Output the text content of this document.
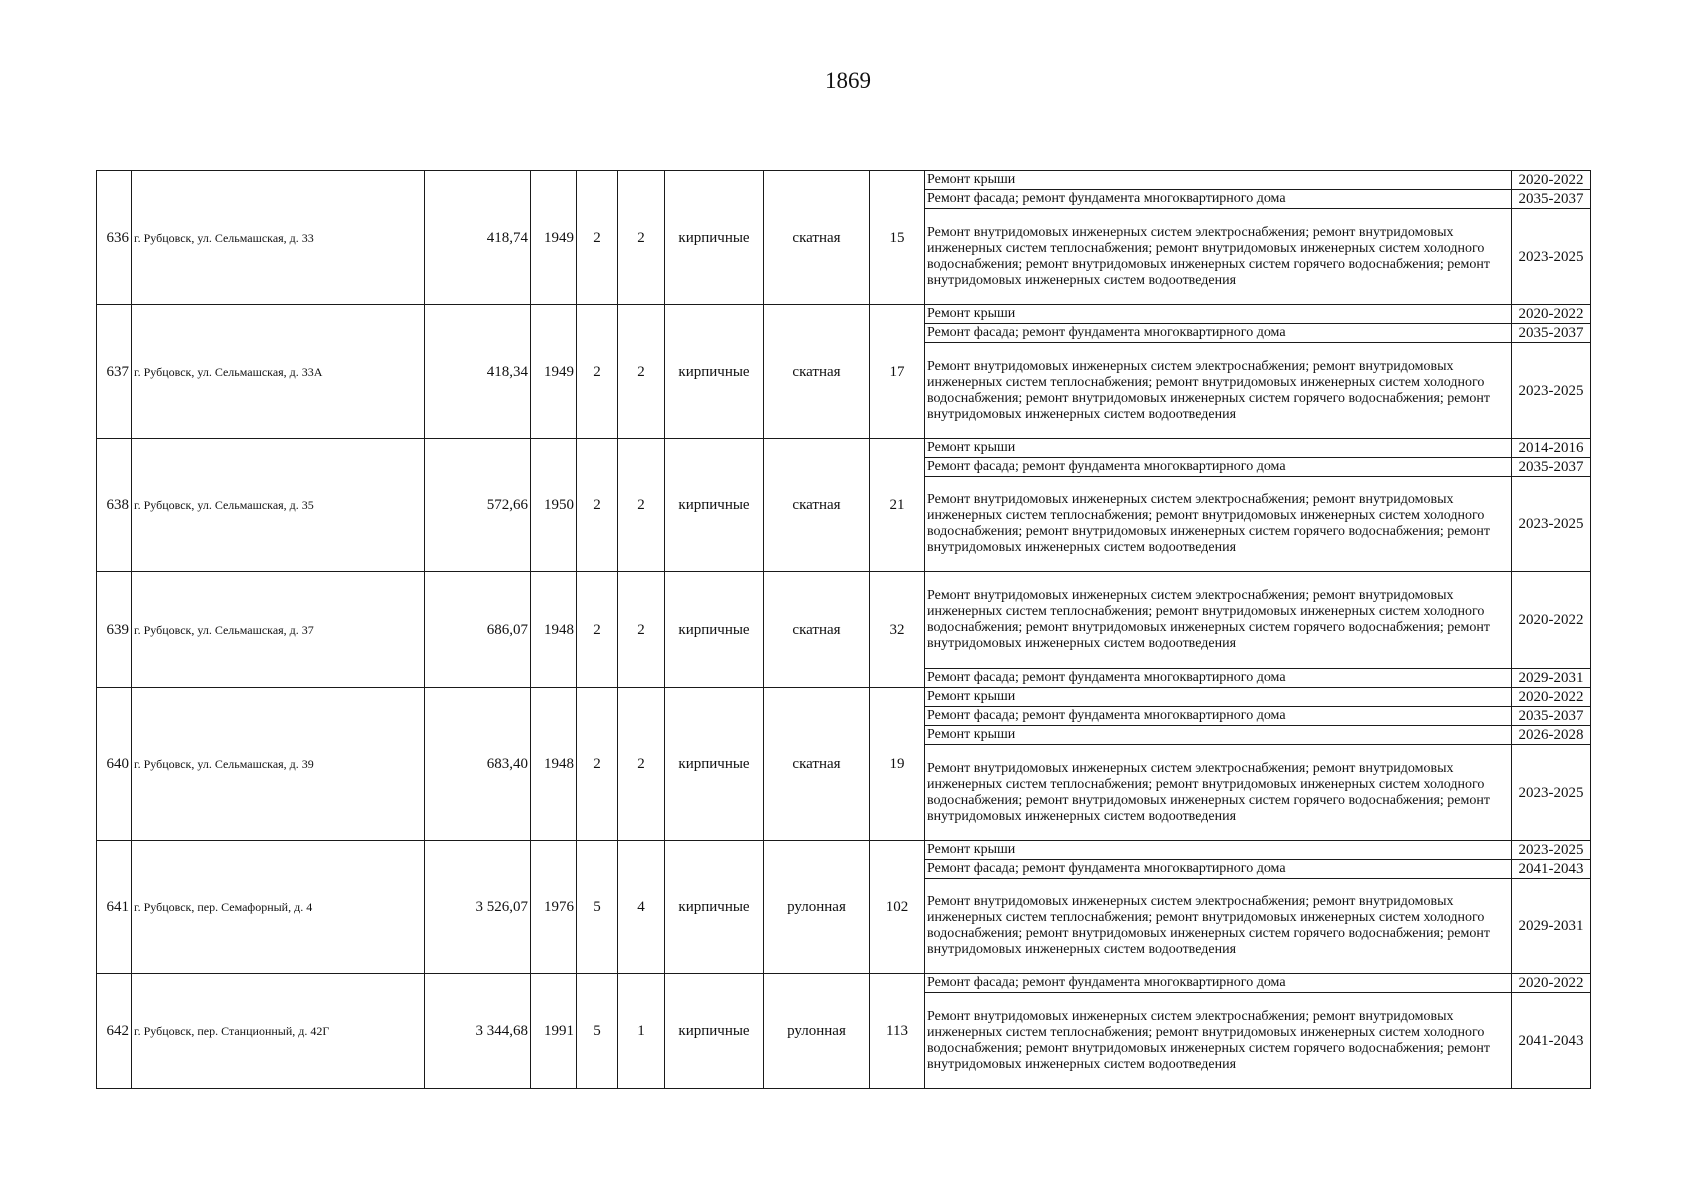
1869
636	г. Рубцовск, ул. Сельмашская, д. 33	418,74	1949	2	2	кирпичные	скатная	15	Ремонт крыши	2020-2022
									Ремонт фасада; ремонт фундамента многоквартирного дома	2035-2037
									Ремонт внутридомовых инженерных систем электроснабжения; ремонт внутридомовых инженерных систем теплоснабжения; ремонт внутридомовых инженерных систем холодного водоснабжения; ремонт внутридомовых инженерных систем горячего водоснабжения; ремонт внутридомовых инженерных систем водоотведения	2023-2025
637	г. Рубцовск, ул. Сельмашская, д. 33А	418,34	1949	2	2	кирпичные	скатная	17	Ремонт крыши	2020-2022
									Ремонт фасада; ремонт фундамента многоквартирного дома	2035-2037
									Ремонт внутридомовых инженерных систем электроснабжения; ремонт внутридомовых инженерных систем теплоснабжения; ремонт внутридомовых инженерных систем холодного водоснабжения; ремонт внутридомовых инженерных систем горячего водоснабжения; ремонт внутридомовых инженерных систем водоотведения	2023-2025
638	г. Рубцовск, ул. Сельмашская, д. 35	572,66	1950	2	2	кирпичные	скатная	21	Ремонт крыши	2014-2016
									Ремонт фасада; ремонт фундамента многоквартирного дома	2035-2037
									Ремонт внутридомовых инженерных систем электроснабжения; ремонт внутридомовых инженерных систем теплоснабжения; ремонт внутридомовых инженерных систем холодного водоснабжения; ремонт внутридомовых инженерных систем горячего водоснабжения; ремонт внутридомовых инженерных систем водоотведения	2023-2025
639	г. Рубцовск, ул. Сельмашская, д. 37	686,07	1948	2	2	кирпичные	скатная	32	Ремонт внутридомовых инженерных систем электроснабжения; ремонт внутридомовых инженерных систем теплоснабжения; ремонт внутридомовых инженерных систем холодного водоснабжения; ремонт внутридомовых инженерных систем горячего водоснабжения; ремонт внутридомовых инженерных систем водоотведения	2020-2022
									Ремонт фасада; ремонт фундамента многоквартирного дома	2029-2031
640	г. Рубцовск, ул. Сельмашская, д. 39	683,40	1948	2	2	кирпичные	скатная	19	Ремонт крыши	2020-2022
									Ремонт фасада; ремонт фундамента многоквартирного дома	2035-2037
									Ремонт крыши	2026-2028
									Ремонт внутридомовых инженерных систем электроснабжения; ремонт внутридомовых инженерных систем теплоснабжения; ремонт внутридомовых инженерных систем холодного водоснабжения; ремонт внутридомовых инженерных систем горячего водоснабжения; ремонт внутридомовых инженерных систем водоотведения	2023-2025
641	г. Рубцовск, пер. Семафорный, д. 4	3 526,07	1976	5	4	кирпичные	рулонная	102	Ремонт крыши	2023-2025
									Ремонт фасада; ремонт фундамента многоквартирного дома	2041-2043
									Ремонт внутридомовых инженерных систем электроснабжения; ремонт внутридомовых инженерных систем теплоснабжения; ремонт внутридомовых инженерных систем холодного водоснабжения; ремонт внутридомовых инженерных систем горячего водоснабжения; ремонт внутридомовых инженерных систем водоотведения	2029-2031
642	г. Рубцовск, пер. Станционный, д. 42Г	3 344,68	1991	5	1	кирпичные	рулонная	113	Ремонт фасада; ремонт фундамента многоквартирного дома	2020-2022
									Ремонт внутридомовых инженерных систем электроснабжения; ремонт внутридомовых инженерных систем теплоснабжения; ремонт внутридомовых инженерных систем холодного водоснабжения; ремонт внутридомовых инженерных систем горячего водоснабжения; ремонт внутридомовых инженерных систем водоотведения	2041-2043
